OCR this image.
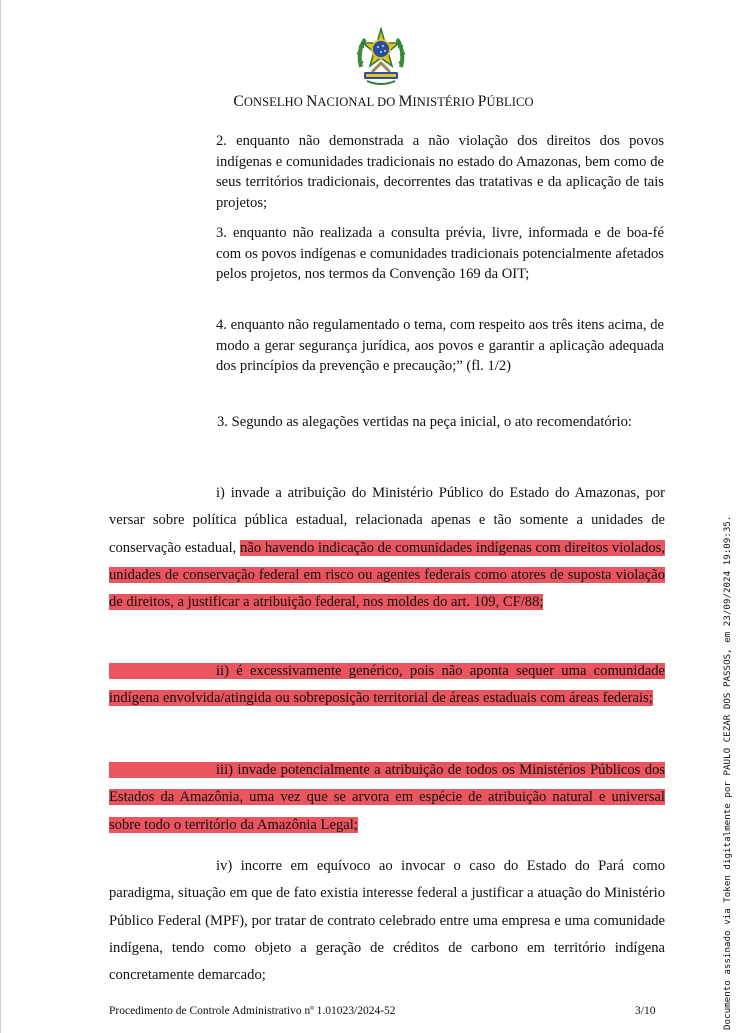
CONSELHO NACIONAL DO MINISTÉRIO PÚBLICO
2. enquanto não demonstrada a não violação dos direitos dos povos indígenas e comunidades tradicionais no estado do Amazonas, bem como de seus territórios tradicionais, decorrentes das tratativas e da aplicação de tais projetos;
3. enquanto não realizada a consulta prévia, livre, informada e de boa-fé com os povos indígenas e comunidades tradicionais potencialmente afetados pelos projetos, nos termos da Convenção 169 da OIT;
4. enquanto não regulamentado o tema, com respeito aos três itens acima, de modo a gerar segurança jurídica, aos povos e garantir a aplicação adequada dos princípios da prevenção e precaução;” (fl. 1/2)
3. Segundo as alegações vertidas na peça inicial, o ato recomendatório:
i) invade a atribuição do Ministério Público do Estado do Amazonas, por versar sobre política pública estadual, relacionada apenas e tão somente a unidades de conservação estadual, não havendo indicação de comunidades indígenas com direitos violados, unidades de conservação federal em risco ou agentes federais como atores de suposta violação de direitos, a justificar a atribuição federal, nos moldes do art. 109, CF/88;
ii) é excessivamente genérico, pois não aponta sequer uma comunidade indígena envolvida/atingida ou sobreposição territorial de áreas estaduais com áreas federais;
iii) invade potencialmente a atribuição de todos os Ministérios Públicos dos Estados da Amazônia, uma vez que se arvora em espécie de atribuição natural e universal sobre todo o território da Amazônia Legal;
iv) incorre em equívoco ao invocar o caso do Estado do Pará como paradigma, situação em que de fato existia interesse federal a justificar a atuação do Ministério Público Federal (MPF), por tratar de contrato celebrado entre uma empresa e uma comunidade indígena, tendo como objeto a geração de créditos de carbono em território indígena concretamente demarcado;
Procedimento de Controle Administrativo nº 1.01023/2024-52	3/10	Documento assinado via Token digitalmente por PAULO CEZAR DOS PASSOS, em 23/09/2024 19:09:35.
